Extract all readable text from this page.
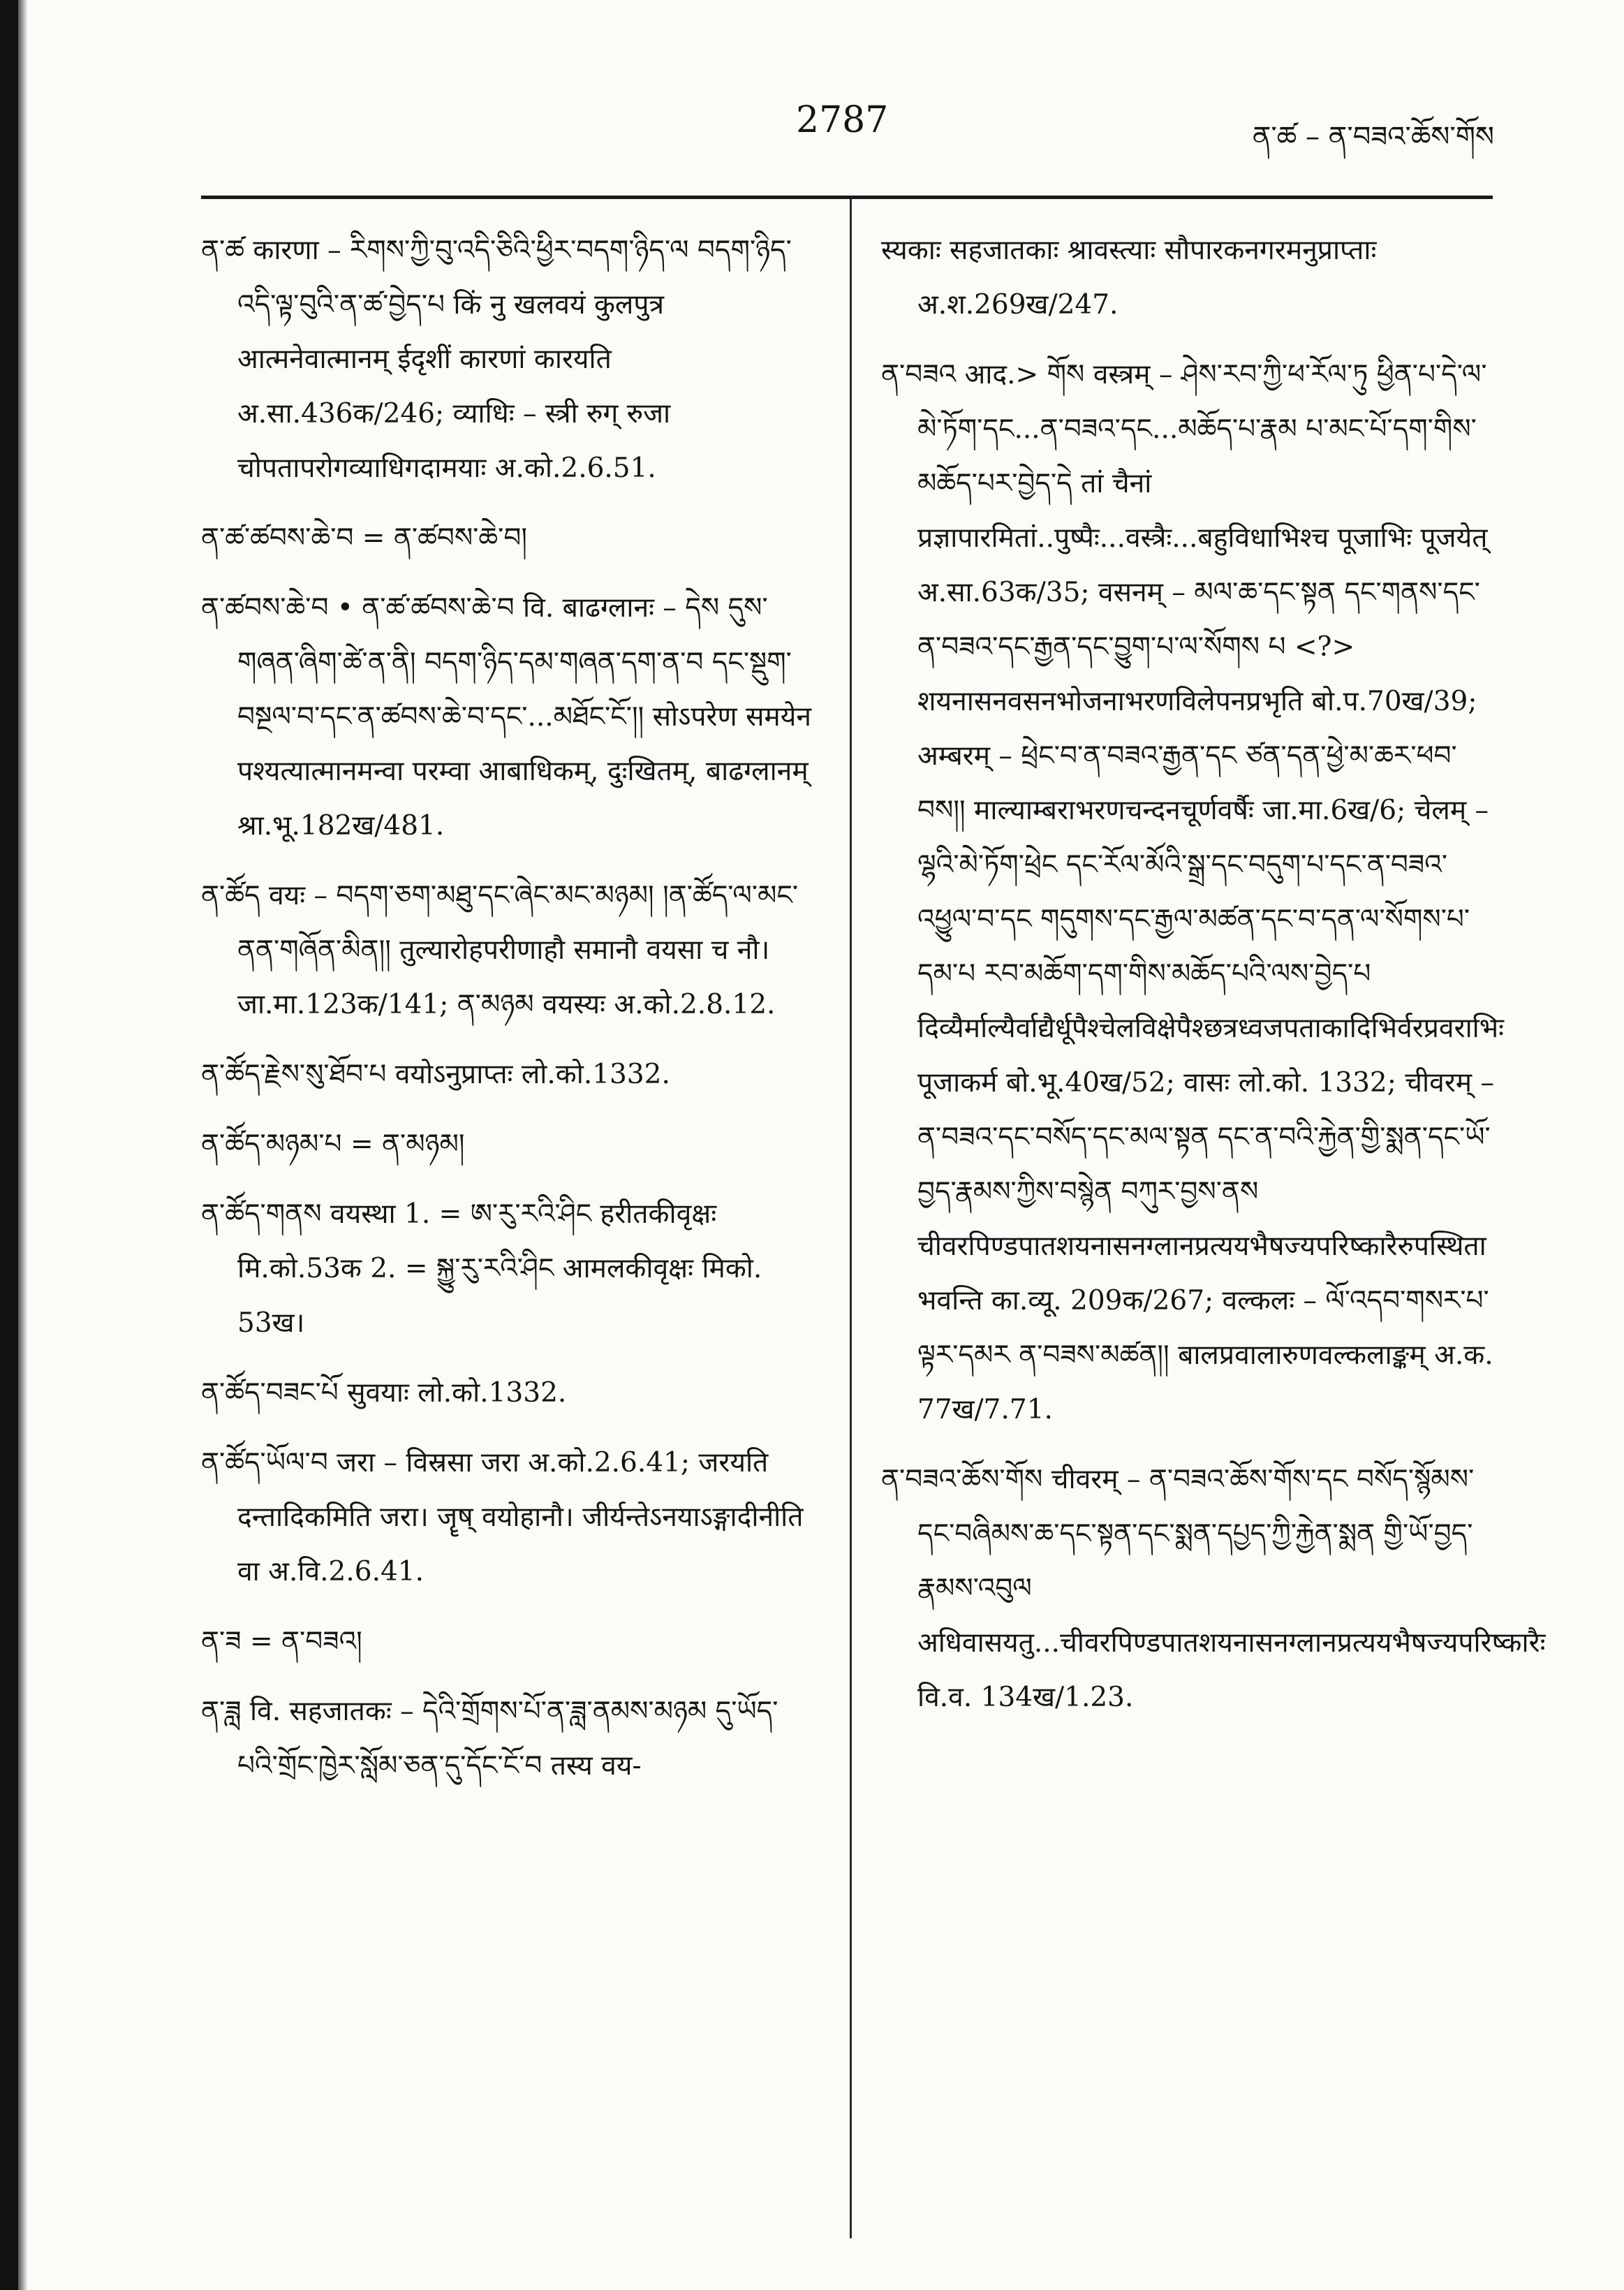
2787	ན་ཚ – ན་བཟའ་ཆོས་གོས

ན་ཚ कारणा – རིགས་ཀྱི་བུ་འདི་ཅིའི་ཕྱིར་བདག་ཉིད་ལ བདག་ཉིད་འདི་ལྟ་བུའི་ན་ཚ་བྱེད་པ किं नु खलवयं कुलपुत्र आत्मनेवात्मानम् ईदृशीं कारणां कारयति अ.सा.436क/246; व्याधिः – स्त्री रुग् रुजा चोपतापरोगव्याधिगदामयाः अ.को.2.6.51.

ན་ཚ་ཚབས་ཆེ་བ = ན་ཚབས་ཆེ་བ།

ན་ཚབས་ཆེ་བ • ན་ཚ་ཚབས་ཆེ་བ वि. बाढग्लानः – དེས དུས་གཞན་ཞིག་ཚེ་ན་ནི། བདག་ཉིད་དམ་གཞན་དག་ན་བ དང་སྡུག་བསྔལ་བ་དང་ན་ཚབས་ཆེ་བ་དང་...མཐོང་ངོ༌།། सोऽपरेण समयेन पश्यत्यात्मानमन्वा परम्वा आबाधिकम्, दुःखितम्, बाढग्लानम् श्रा.भू.182ख/481.

ན་ཚོད वयः – བདག་ཅག་མཐུ་དང་ཞེང་མང་མཉམ། །ན་ཚོད་ལ་མང་ནན་གཞོན་མིན།། तुल्यारोहपरीणाहौ समानौ वयसा च नौ। जा.मा.123क/141; ན་མཉམ वयस्यः अ.को.2.8.12.

ན་ཚོད་རྗེས་སུ་ཐོབ་པ वयोऽनुप्राप्तः लो.को.1332.

ན་ཚོད་མཉམ་པ = ན་མཉམ།

ན་ཚོད་གནས वयस्था 1. = ཨ་རུ་རའི་ཤིང हरीतकीवृक्षः मि.को.53क 2. = སྐྱུ་རུ་རའི་ཤིང आमलकीवृक्षः मिको. 53ख।

ན་ཚོད་བཟང་པོ सुवयाः लो.को.1332.

ན་ཚོད་ཡོལ་བ जरा – विस्रसा जरा अ.को.2.6.41; जरयति दन्तादिकमिति जरा। जॄष् वयोहानौ। जीर्यन्तेऽनयाऽङ्गादीनीति वा अ.वि.2.6.41.

ན་ཟ = ན་བཟའ།

ན་ཟླ वि. सहजातकः – དེའི་གྲོགས་པོ་ན་ཟླ་ནམས་མཉམ དུ་ཡོད་པའི་གྲོང་ཁྱེར་སློམ་ཅན་དུ་དོང་ངོ་བ तस्य वय-

स्यकाः सहजातकाः श्रावस्त्याः सौपारकनगरमनुप्राप्ताः अ.श.269ख/247.

ན་བཟའ आद.> གོས वस्त्रम् – ཤེས་རབ་ཀྱི་ཕ་རོལ་ཏུ ཕྱིན་པ་དེ་ལ་མེ་ཏོག་དང...ན་བཟའ་དང...མཆོད་པ་རྣམ པ་མང་པོ་དག་གིས་མཆོད་པར་བྱེད་དེ तां चैनां प्रज्ञापारमितां..पुष्पैः...वस्त्रैः...बहुविधाभिश्च पूजाभिः पूजयेत् अ.सा.63क/35; वसनम् – མལ་ཆ་དང་སྟན དང་གནས་དང་ན་བཟའ་དང་རྒྱན་དང་བྱུག་པ་ལ་སོགས པ <?> शयनासनवसनभोजनाभरणविलेपनप्रभृति बो.प.70ख/39; अम्बरम् – ཕྲེང་བ་ན་བཟའ་རྒྱན་དང ཙན་དན་ཕྱེ་མ་ཆར་ཕབ་བས།། माल्याम्बराभरणचन्दनचूर्णवर्षैः जा.मा.6ख/6; चेलम् – ལྷའི་མེ་ཏོག་ཕྲེང དང་རོལ་མོའི་སྒྲ་དང་བདུག་པ་དང་ན་བཟའ་འཕྱུལ་བ་དང གདུགས་དང་རྒྱལ་མཚན་དང་བ་དན་ལ་སོགས་པ་དམ་པ རབ་མཆོག་དག་གིས་མཆོད་པའི་ལས་བྱེད་པ दिव्यैर्माल्यैर्वाद्यैर्धूपैश्चेलविक्षेपैश्छत्रध्वजपताकादिभिर्वरप्रवराभिः पूजाकर्म बो.भू.40ख/52; वासः लो.को. 1332; चीवरम् – ན་བཟའ་དང་བསོད་དང་མལ་སྟན དང་ན་བའི་རྐྱེན་གྱི་སྨན་དང་ཡོ་བྱད་རྣམས་ཀྱིས་བསྙེན བཀུར་བྱས་ནས चीवरपिण्डपातशयनासनग्लानप्रत्ययभैषज्यपरिष्कारैरुपस्थिता भवन्ति का.व्यू. 209क/267; वल्कलः – ལོ་འདབ་གསར་པ་ལྟར་དམར ན་བཟས་མཚན།། बालप्रवालारुणवल्कलाङ्कम् अ.क. 77ख/7.71.

ན་བཟའ་ཆོས་གོས चीवरम् – ན་བཟའ་ཆོས་གོས་དང བསོད་སྙོམས་དང་བཞིམས་ཆ་དང་སྟན་དང་སྨན་དཔྱད་ཀྱི་རྐྱེན་སྨན གྱི་ཡོ་བྱད་རྣམས་འབུལ अधिवासयतु...चीवरपिण्डपातशयनासनग्लानप्रत्ययभैषज्यपरिष्कारैः वि.व. 134ख/1.23.
